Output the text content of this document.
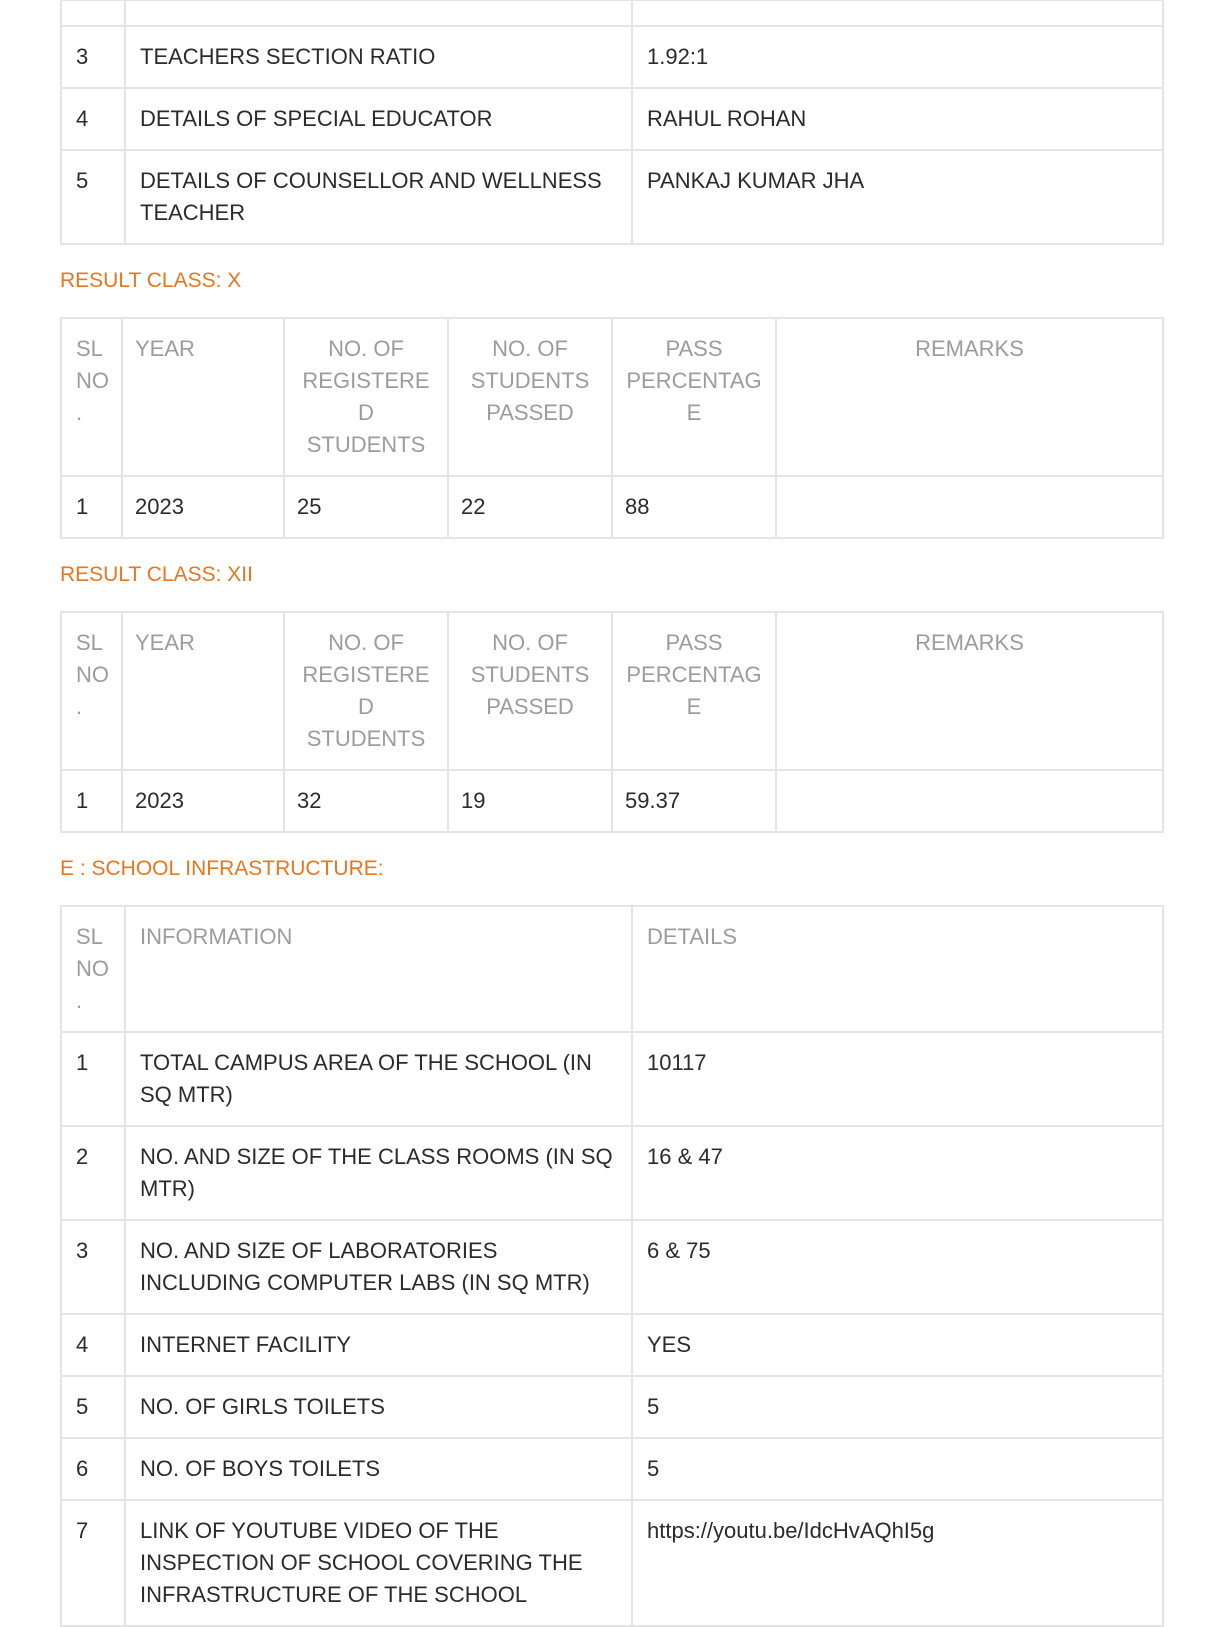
3	TEACHERS SECTION RATIO	1.92:1
4	DETAILS OF SPECIAL EDUCATOR	RAHUL ROHAN
5	DETAILS OF COUNSELLOR AND WELLNESS TEACHER	PANKAJ KUMAR JHA
RESULT CLASS: X
SL NO.	YEAR	NO. OF REGISTERED STUDENTS	NO. OF STUDENTS PASSED	PASS PERCENTAGE	REMARKS
1	2023	25	22	88	
RESULT CLASS: XII
SL NO.	YEAR	NO. OF REGISTERED STUDENTS	NO. OF STUDENTS PASSED	PASS PERCENTAGE	REMARKS
1	2023	32	19	59.37	
E : SCHOOL INFRASTRUCTURE:
SL NO.	INFORMATION	DETAILS
1	TOTAL CAMPUS AREA OF THE SCHOOL (IN SQ MTR)	10117
2	NO. AND SIZE OF THE CLASS ROOMS (IN SQ MTR)	16 & 47
3	NO. AND SIZE OF LABORATORIES INCLUDING COMPUTER LABS (IN SQ MTR)	6 & 75
4	INTERNET FACILITY	YES
5	NO. OF GIRLS TOILETS	5
6	NO. OF BOYS TOILETS	5
7	LINK OF YOUTUBE VIDEO OF THE INSPECTION OF SCHOOL COVERING THE INFRASTRUCTURE OF THE SCHOOL	https://youtu.be/IdcHvAQhI5g
